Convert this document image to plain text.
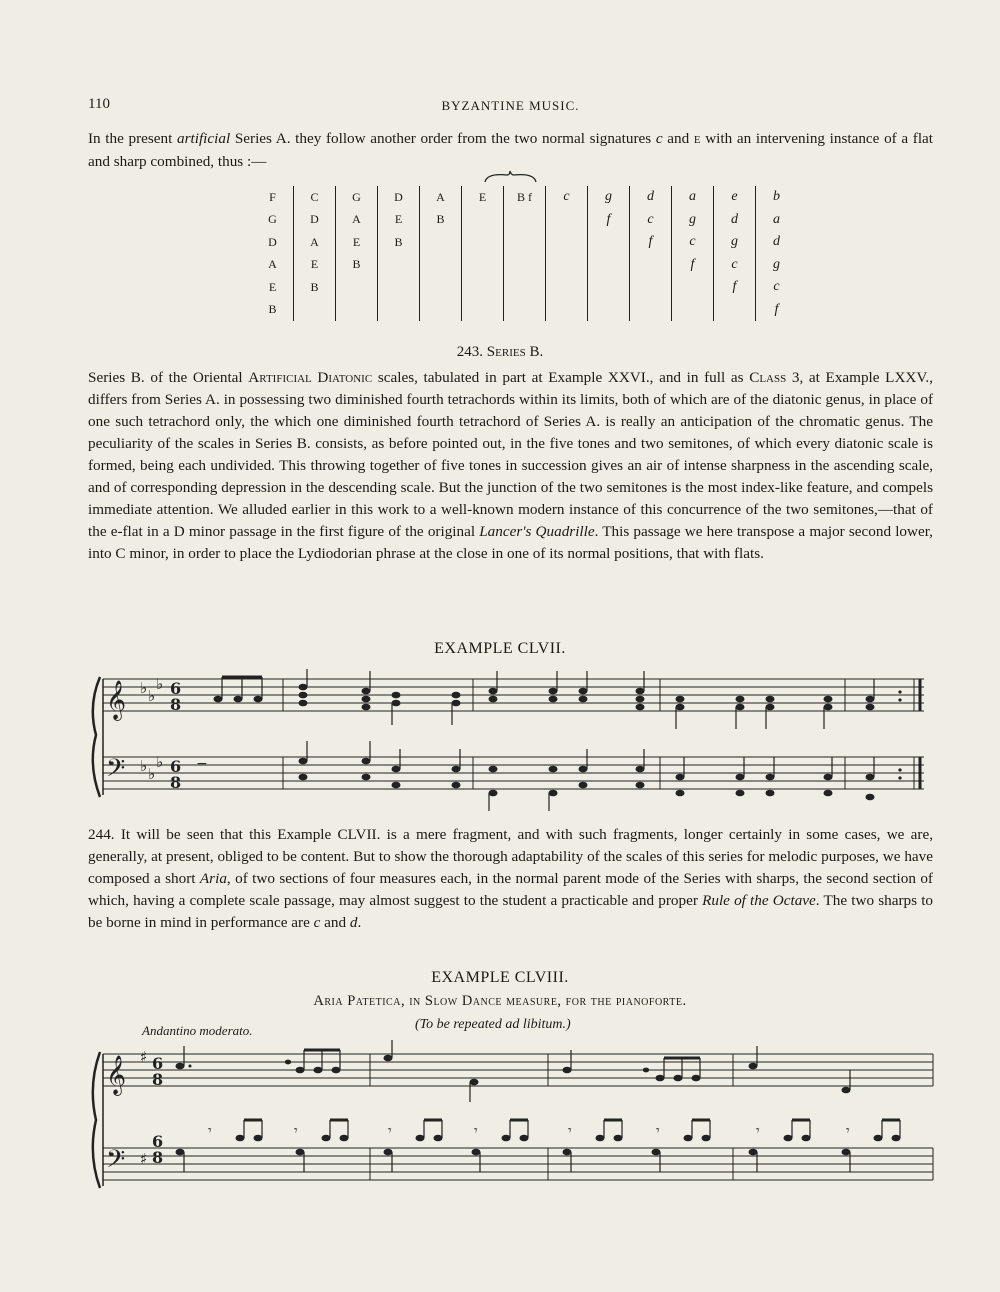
110	BYZANTINE MUSIC.
In the present artificial Series A. they follow another order from the two normal signatures c and E with an intervening instance of a flat and sharp combined, thus :—
F	C	G	D	A	E	B f	c	g	d	a	e	b
G	D	A	E	B				f	c	g	d	a
D	A	E	B						f	c	g	d
A	E	B								f	c	g
E	B										f	c
B												f
243. Series B.
Series B. of the Oriental Artificial Diatonic scales, tabulated in part at Example XXVI., and in full as Class 3, at Example LXXV., differs from Series A. in possessing two diminished fourth tetrachords within its limits, both of which are of the diatonic genus, in place of one such tetrachord only, the which one diminished fourth tetrachord of Series A. is really an anticipation of the chromatic genus. The peculiarity of the scales in Series B. consists, as before pointed out, in the five tones and two semitones, of which every diatonic scale is formed, being each undivided. This throwing together of five tones in succession gives an air of intense sharpness in the ascending scale, and of corresponding depression in the descending scale. But the junction of the two semitones is the most index-like feature, and compels immediate attention. We alluded earlier in this work to a well-known modern instance of this concurrence of the two semitones,—that of the e-flat in a D minor passage in the first figure of the original Lancer's Quadrille. This passage we here transpose a major second lower, into C minor, in order to place the Lydiodorian phrase at the close in one of its normal positions, that with flats.
EXAMPLE CLVII.
𝄞
𝄢
♭ ♭
♭
♭ ♭
♭
6
8
6
8
−
244. It will be seen that this Example CLVII. is a mere fragment, and with such fragments, longer certainly in some cases, we are, generally, at present, obliged to be content. But to show the thorough adaptability of the scales of this series for melodic purposes, we have composed a short Aria, of two sections of four measures each, in the normal parent mode of the Series with sharps, the second section of which, having a complete scale passage, may almost suggest to the student a practicable and proper Rule of the Octave. The two sharps to be borne in mind in performance are c and d.
EXAMPLE CLVIII.
Aria Patetica, in Slow Dance measure, for the pianoforte.
Andantino moderato.	(To be repeated ad libitum.)
𝄞
𝄢
♯
♯
6
8
8
6
𝄾	𝄾	𝄾	𝄾	𝄾	𝄾	𝄾	𝄾
